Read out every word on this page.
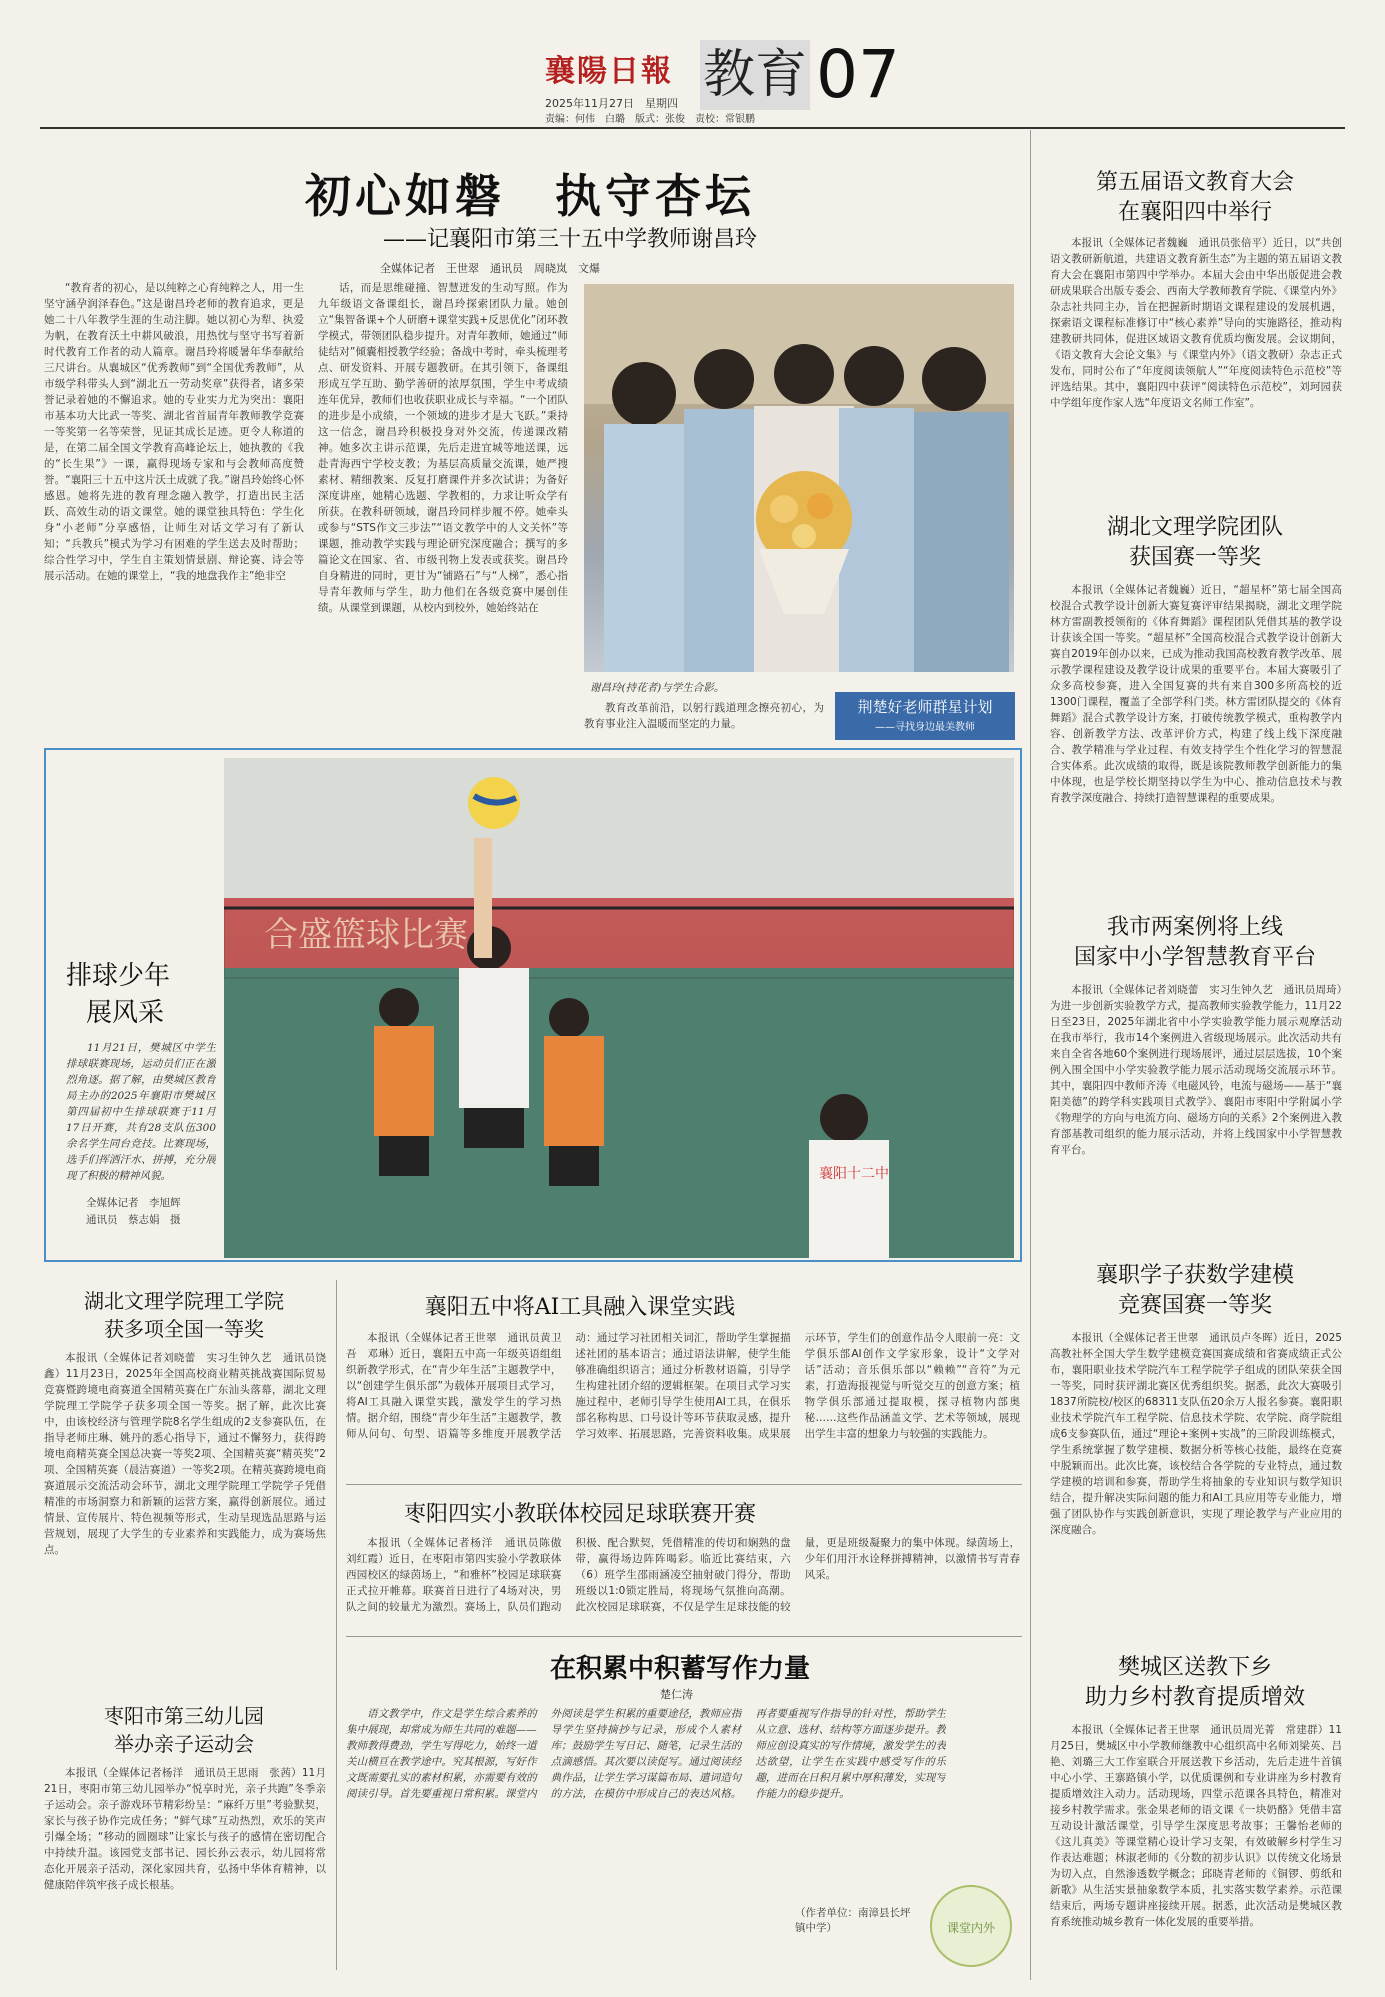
襄陽日報
2025年11月27日　星期四
责编：何伟　白璐　版式：张俊　责校：常银鹏
教育 07
初心如磐　执守杏坛
——记襄阳市第三十五中学教师谢昌玲
全媒体记者　王世翠　通讯员　周晓岚　文爆

“教育者的初心，是以纯粹之心育纯粹之人，用一生坚守涵孕润泽春色。”这是谢昌玲老师的教育追求，更是她二十八年教学生涯的生动注脚。她以初心为犁、执爱为帆，在教育沃土中耕风破浪，用热忱与坚守书写着新时代教育工作者的动人篇章。谢昌玲将暖暑年华奉献给三尺讲台。从襄城区“优秀教师”到“全国优秀教师”，从市级学科带头人到“湖北五一劳动奖章”获得者，诸多荣誉记录着她的不懈追求。她的专业实力尤为突出：襄阳市基本功大比武一等奖、湖北省首届青年教师教学竞赛一等奖第一名等荣誉，见证其成长足迹。更令人称道的是，在第二届全国文学教育高峰论坛上，她执教的《我的“长生果”》一课，赢得现场专家和与会教师高度赞誉。“襄阳三十五中这片沃土成就了我。”谢昌玲始终心怀感恩。她将先进的教育理念融入教学，打造出民主活跃、高效生动的语文课堂。她的课堂独具特色：学生化身“小老师”分享感悟，让师生对话文学习有了新认知；“兵教兵”模式为学习有困难的学生送去及时帮助；综合性学习中，学生自主策划情景剧、辩论赛、诗会等展示活动。在她的课堂上，“我的地盘我作主”绝非空

话，而是思维碰撞、智慧迸发的生动写照。作为九年级语文备课组长，谢昌玲探索团队力量。她创立“集智备课+个人研磨+课堂实践+反思优化”闭环教学模式，带领团队稳步提升。对青年教师，她通过“师徒结对”倾囊相授教学经验；备战中考时，牵头梳理考点、研发资料、开展专题教研。在其引领下，备课组形成互学互助、勤学善研的浓厚氛围，学生中考成绩连年优异，教师们也收获职业成长与幸福。“一个团队的进步是小成绩，一个领域的进步才是大飞跃。”秉持这一信念，谢昌玲积极投身对外交流，传递课改精神。她多次主讲示范课，先后走进宜城等地送课，远赴青海西宁学校支教；为基层高质量交流课，她严搜素材、精细教案、反复打磨课件并多次试讲；为备好深度讲座，她精心选题、学教相的，力求让听众学有所获。在教科研领域，谢昌玲同样步履不停。她牵头或参与“STS作文三步法”“语文教学中的人文关怀”等课题，推动教学实践与理论研究深度融合；撰写的多篇论文在国家、省、市级刊物上发表或获奖。谢昌玲自身精进的同时，更甘为“铺路石”与“人梯”，悉心指导青年教师与学生，助力他们在各级竞赛中屡创佳绩。从课堂到课题，从校内到校外，她始终站在

谢昌玲(持花者)与学生合影。

教育改革前沿，以躬行践道理念擦亮初心，为教育事业注入温暖而坚定的力量。

荆楚好老师群星计划
——寻找身边最美教师
排球少年
展风采

11月21日，樊城区中学生排球联赛现场，运动员们正在激烈角逐。据了解，由樊城区教育局主办的2025年襄阳市樊城区第四届初中生排球联赛于11月17日开赛，共有28支队伍300余名学生同台竞技。比赛现场，选手们挥洒汗水、拼搏，充分展现了积极的精神风貌。

全媒体记者　李旭辉
通讯员　蔡志娟　摄
合盛篮球比赛
襄阳十二中
第五届语文教育大会
在襄阳四中举行

本报讯（全媒体记者魏巍　通讯员张倍平）近日，以“共创语文教研新航道，共建语文教育新生态”为主题的第五届语文教育大会在襄阳市第四中学举办。本届大会由中华出版促进会教研成果联合出版专委会、西南大学教师教育学院、《课堂内外》杂志社共同主办，旨在把握新时期语文课程建设的发展机遇，探索语文课程标准修订中“核心素养”导向的实施路径，推动构建教研共同体，促进区域语文教育优质均衡发展。会议期间，《语文教育大会论文集》与《课堂内外》（语文教研）杂志正式发布，同时公布了“年度阅读领航人”“年度阅读特色示范校”等评选结果。其中，襄阳四中获评“阅读特色示范校”，刘珂园获中学组年度作家人选“年度语文名师工作室”。

湖北文理学院团队
获国赛一等奖

本报讯（全媒体记者魏巍）近日，“超星杯”第七届全国高校混合式教学设计创新大赛复赛评审结果揭晓，湖北文理学院林方雷副教授领衔的《体育舞蹈》课程团队凭借其基的教学设计获该全国一等奖。“超星杯”全国高校混合式教学设计创新大赛自2019年创办以来，已成为推动我国高校教育教学改革、展示教学课程建设及教学设计成果的重要平台。本届大赛吸引了众多高校参赛，进入全国复赛的共有来自300多所高校的近1300门课程，覆盖了全部学科门类。林方雷团队提交的《体育舞蹈》混合式教学设计方案，打破传统教学模式，重构教学内容、创新教学方法、改革评价方式，构建了线上线下深度融合、教学精准与学业过程、有效支持学生个性化学习的智慧混合实体系。此次成绩的取得，既是该院教师教学创新能力的集中体现，也是学校长期坚持以学生为中心、推动信息技术与教育教学深度融合、持续打造智慧课程的重要成果。

我市两案例将上线
国家中小学智慧教育平台

本报讯（全媒体记者刘晓蕾　实习生钟久艺　通讯员周琦）为进一步创新实验教学方式，提高教师实验教学能力，11月22日至23日，2025年湖北省中小学实验教学能力展示观摩活动在我市举行，我市14个案例进入省级现场展示。此次活动共有来自全省各地60个案例进行现场展评，通过层层选拔，10个案例入围全国中小学实验教学能力展示活动现场交流展示环节。其中，襄阳四中教师齐涛《电磁风铃，电流与磁场——基于“襄阳美德”的跨学科实践项目式教学》、襄阳市枣阳中学附属小学《物理学的方向与电流方向、磁场方向的关系》2个案例进入教育部基教司组织的能力展示活动，并将上线国家中小学智慧教育平台。

襄职学子获数学建模
竞赛国赛一等奖

本报讯（全媒体记者王世翠　通讯员卢冬晖）近日，2025高教社杯全国大学生数学建模竞赛国赛成绩和省赛成绩正式公布，襄阳职业技术学院汽车工程学院学子组成的团队荣获全国一等奖，同时获评湖北赛区优秀组织奖。据悉，此次大赛吸引1837所院校/校区的68311支队伍20余万人报名参赛。襄阳职业技术学院汽车工程学院、信息技术学院、农学院、商学院组成6支参赛队伍，通过“理论+案例+实战”的三阶段训练模式，学生系统掌握了数学建模、数据分析等核心技能，最终在竞赛中脱颖而出。此次比赛，该校结合各学院的专业特点，通过数学建模的培训和参赛，帮助学生将抽象的专业知识与数学知识结合，提升解决实际问题的能力和AI工具应用等专业能力，增强了团队协作与实践创新意识，实现了理论教学与产业应用的深度融合。

樊城区送教下乡
助力乡村教育提质增效

本报讯（全媒体记者王世翠　通讯员周光菁　常建群）11月25日，樊城区中小学教师继教中心组织高中名师刘梁英、吕艳、刘璐三大工作室联合开展送教下乡活动，先后走进牛首镇中心小学、王寨路镇小学，以优质课例和专业讲座为乡村教育提质增效注入动力。活动现场，四堂示范课各具特色，精准对接乡村教学需求。张金果老师的语文课《一块奶酪》凭借丰富互动设计激活课堂，引导学生深度思考故事；王馨怡老师的《这儿真美》等课堂精心设计学习支架，有效破解乡村学生习作表达难题；林淑老师的《分数的初步认识》以传统文化场景为切入点，自然渗透数学概念；邱晓青老师的《铜锣、剪纸和新歌》从生活实景抽象数学本质，扎实落实数学素养。示范课结束后，两场专题讲座接续开展。据悉，此次活动是樊城区教育系统推动城乡教育一体化发展的重要举措。

湖北文理学院理工学院
获多项全国一等奖

本报讯（全媒体记者刘晓蕾　实习生钟久艺　通讯员饶鑫）11月23日，2025年全国高校商业精英挑战赛国际贸易竞赛暨跨境电商赛道全国精英赛在广东汕头落幕，湖北文理学院理工学院学子获多项全国一等奖。据了解，此次比赛中，由该校经济与管理学院8名学生组成的2支参赛队伍，在指导老师庄琳、姚丹的悉心指导下，通过不懈努力，获得跨境电商精英赛全国总决赛一等奖2项、全国精英赛“精英奖”2项、全国精英赛（晨洁赛道）一等奖2项。在精英赛跨境电商赛道展示交流活动会环节，湖北文理学院理工学院学子凭借精准的市场洞察力和新颖的运营方案，赢得创新展位。通过情景、宣传展片、特色视频等形式，生动呈现选品思路与运营规划，展现了大学生的专业素养和实践能力，成为赛场焦点。

襄阳五中将AI工具融入课堂实践

本报讯（全媒体记者王世翠　通讯员黄卫吾　邓琳）近日，襄阳五中高一年级英语组组织新教学形式，在“青少年生活”主题教学中，以“创建学生俱乐部”为载体开展项目式学习，将AI工具融入课堂实践，激发学生的学习热情。据介绍，围绕“青少年生活”主题教学，教师从问句、句型、语篇等多维度开展教学活动：通过学习社团相关词汇，帮助学生掌握描述社团的基本语言；通过语法讲解，使学生能够准确组织语言；通过分析教材语篇，引导学生构建社团介绍的逻辑框架。在项目式学习实施过程中，老师引导学生使用AI工具，在俱乐部名称构思、口号设计等环节获取灵感，提升学习效率、拓展思路，完善资料收集。成果展示环节，学生们的创意作品令人眼前一亮：文学俱乐部AI创作文学家形象，设计“文学对话”活动；音乐俱乐部以“赖赖”“音符”为元素，打造海报视觉与听觉交互的创意方案；植物学俱乐部通过提取模，探寻植物内部奥秘……这些作品涵盖文学、艺术等领域，展现出学生丰富的想象力与较强的实践能力。

枣阳四实小教联体校园足球联赛开赛

本报讯（全媒体记者杨洋　通讯员陈傲　刘红霞）近日，在枣阳市第四实验小学教联体西园校区的绿茵场上，“和雅杯”校园足球联赛正式拉开帷幕。联赛首日进行了4场对决，男队之间的较量尤为激烈。赛场上，队员们跑动积极、配合默契，凭借精准的传切和娴熟的盘带，赢得场边阵阵喝彩。临近比赛结束，六（6）班学生邵雨涵凌空抽射破门得分，帮助班级以1:0锁定胜局，将现场气氛推向高潮。此次校园足球联赛，不仅是学生足球技能的较量，更是班级凝聚力的集中体现。绿茵场上，少年们用汗水诠释拼搏精神，以激情书写青春风采。

在积累中积蓄写作力量
楚仁涛

语文教学中，作文是学生综合素养的集中展现，却常成为师生共同的难题——教师教得费劲，学生写得吃力，始终一道关山横亘在教学途中。究其根源，写好作文既需要扎实的素材积累，亦需要有效的阅读引导。首先要重视日常积累。课堂内外阅读是学生积累的重要途径，教师应指导学生坚持摘抄与记录，形成个人素材库；鼓励学生写日记、随笔，记录生活的点滴感悟。其次要以读促写。通过阅读经典作品，让学生学习谋篇布局、遣词造句的方法，在模仿中形成自己的表达风格。再者要重视写作指导的针对性，帮助学生从立意、选材、结构等方面逐步提升。教师应创设真实的写作情境，激发学生的表达欲望，让学生在实践中感受写作的乐趣，进而在日积月累中厚积薄发，实现写作能力的稳步提升。

（作者单位：南漳县长坪镇中学）	课堂内外
枣阳市第三幼儿园
举办亲子运动会

本报讯（全媒体记者杨洋　通讯员王思雨　张茜）11月21日，枣阳市第三幼儿园举办“悦享时光，亲子共跑”冬季亲子运动会。亲子游戏环节精彩纷呈：“麻纤万里”考验默契，家长与孩子协作完成任务；“鲜气球”互动热烈，欢乐的笑声引爆全场；“移动的圆圈球”让家长与孩子的感情在密切配合中持续升温。该园党支部书记、园长孙云表示，幼儿园将常态化开展亲子活动，深化家园共育，弘扬中华体育精神，以健康陪伴筑牢孩子成长根基。
